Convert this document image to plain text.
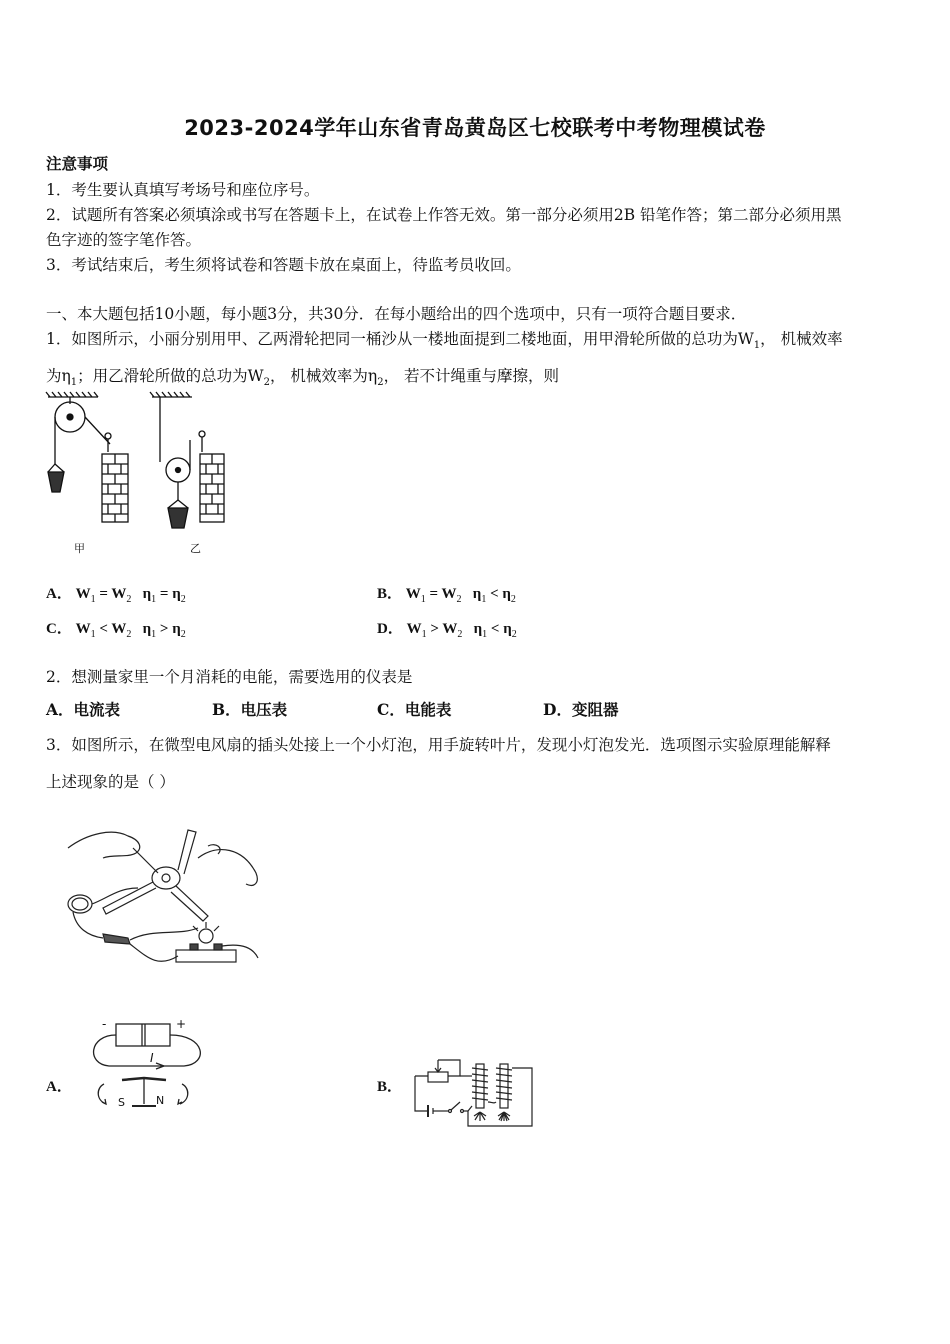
2023-2024学年山东省青岛黄岛区七校联考中考物理模试卷
注意事项
1．考生要认真填写考场号和座位序号。
2．试题所有答案必须填涂或书写在答题卡上，在试卷上作答无效。第一部分必须用2B 铅笔作答；第二部分必须用黑
色字迹的签字笔作答。
3．考试结束后，考生须将试卷和答题卡放在桌面上，待监考员收回。
一、本大题包括10小题，每小题3分，共30分．在每小题给出的四个选项中，只有一项符合题目要求．
1．如图所示，小丽分别用甲、乙两滑轮把同一桶沙从一楼地面提到二楼地面，用甲滑轮所做的总功为$W_1$， 机械效率
为$\eta_1$；用乙滑轮所做的总功为$W_2$， 机械效率为$\eta_2$， 若不计绳重与摩擦，则
甲	乙
A． $W_1 = W_2$ $\eta_1 = \eta_2$	B． $W_1 = W_2$ $\eta_1 < \eta_2$
C． $W_1 < W_2$ $\eta_1 > \eta_2$	D． $W_1 > W_2$ $\eta_1 < \eta_2$
2．想测量家里一个月消耗的电能，需要选用的仪表是
A．电流表	B．电压表	C．电能表	D．变阻器
3．如图所示，在微型电风扇的插头处接上一个小灯泡，用手旋转叶片，发现小灯泡发光．选项图示实验原理能解释
上述现象的是（ ）
A．
-	+
I
S	N
B．
